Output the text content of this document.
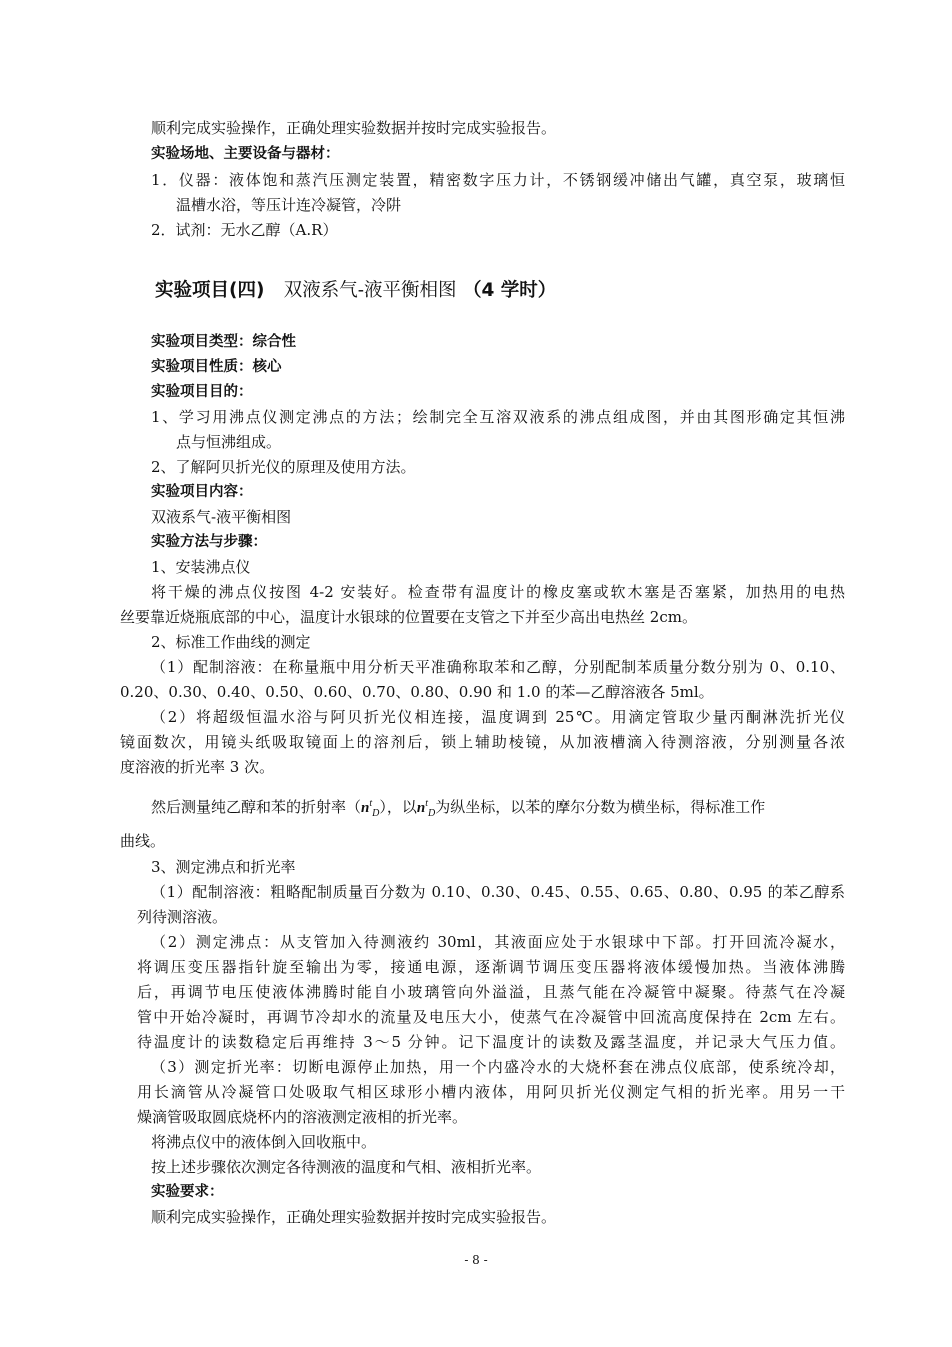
顺利完成实验操作，正确处理实验数据并按时完成实验报告。
实验场地、主要设备与器材：
1．仪器：液体饱和蒸汽压测定装置，精密数字压力计，不锈钢缓冲储出气罐，真空泵，玻璃恒
温槽水浴，等压计连冷凝管，冷阱
2．试剂：无水乙醇（A.R）
实验项目(四) 双液系气-液平衡相图 （4 学时）
实验项目类型：综合性
实验项目性质：核心
实验项目目的：
1、学习用沸点仪测定沸点的方法；绘制完全互溶双液系的沸点组成图，并由其图形确定其恒沸
点与恒沸组成。
2、了解阿贝折光仪的原理及使用方法。
实验项目内容：
双液系气-液平衡相图
实验方法与步骤：
1、安装沸点仪
将干燥的沸点仪按图 4-2 安装好。检查带有温度计的橡皮塞或软木塞是否塞紧，加热用的电热
丝要靠近烧瓶底部的中心，温度计水银球的位置要在支管之下并至少高出电热丝 2cm。
2、标准工作曲线的测定
（1）配制溶液：在称量瓶中用分析天平准确称取苯和乙醇，分别配制苯质量分数分别为 0、0.10、
0.20、0.30、0.40、0.50、0.60、0.70、0.80、0.90 和 1.0 的苯—乙醇溶液各 5ml。
（2）将超级恒温水浴与阿贝折光仪相连接，温度调到 25℃。用滴定管取少量丙酮淋洗折光仪
镜面数次，用镜头纸吸取镜面上的溶剂后，锁上辅助棱镜，从加液槽滴入待测溶液，分别测量各浓
度溶液的折光率 3 次。
然后测量纯乙醇和苯的折射率$(n^t_D)$，以$n^t_D$为纵坐标，以苯的摩尔分数为横坐标，得标准工作
曲线。
3、测定沸点和折光率
（1）配制溶液：粗略配制质量百分数为 0.10、0.30、0.45、0.55、0.65、0.80、0.95 的苯乙醇系
列待测溶液。
（2）测定沸点：从支管加入待测液约 30ml，其液面应处于水银球中下部。打开回流冷凝水，
将调压变压器指针旋至输出为零，接通电源，逐渐调节调压变压器将液体缓慢加热。当液体沸腾
后，再调节电压使液体沸腾时能自小玻璃管向外溢溢，且蒸气能在冷凝管中凝聚。待蒸气在冷凝
管中开始冷凝时，再调节冷却水的流量及电压大小，使蒸气在冷凝管中回流高度保持在 2cm 左右。
待温度计的读数稳定后再维持 3～5 分钟。记下温度计的读数及露茎温度，并记录大气压力值。
（3）测定折光率：切断电源停止加热，用一个内盛冷水的大烧杯套在沸点仪底部，使系统冷却，
用长滴管从冷凝管口处吸取气相区球形小槽内液体，用阿贝折光仪测定气相的折光率。用另一干
燥滴管吸取圆底烧杯内的溶液测定液相的折光率。
将沸点仪中的液体倒入回收瓶中。
按上述步骤依次测定各待测液的温度和气相、液相折光率。
实验要求：
顺利完成实验操作，正确处理实验数据并按时完成实验报告。
- 8 -
